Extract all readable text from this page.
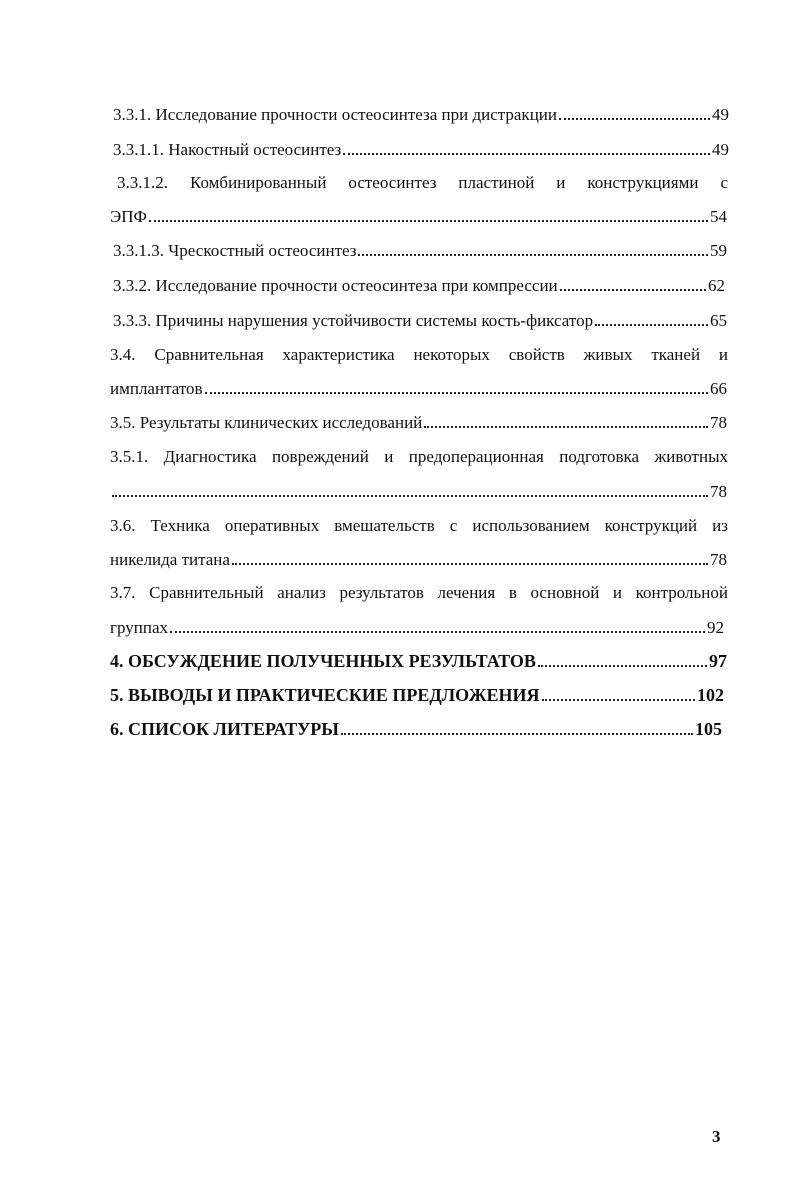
3.3.1. Исследование прочности остеосинтеза при дистракции	49
3.3.1.1. Накостный остеосинтез	49
3.3.1.2. Комбинированный остеосинтез пластиной и конструкциями с
ЭПФ	54
3.3.1.3. Чрескостный остеосинтез	59
3.3.2. Исследование прочности остеосинтеза при компрессии	62
3.3.3. Причины нарушения устойчивости системы кость-фиксатор	65
3.4. Сравнительная характеристика некоторых свойств живых тканей и
имплантатов	66
3.5. Результаты клинических исследований	78
3.5.1. Диагностика повреждений и предоперационная подготовка животных
78
3.6. Техника оперативных вмешательств с использованием конструкций из
никелида титана	78
3.7. Сравнительный анализ результатов лечения в основной и контрольной
группах	92
4. ОБСУЖДЕНИЕ ПОЛУЧЕННЫХ РЕЗУЛЬТАТОВ	97
5. ВЫВОДЫ И ПРАКТИЧЕСКИЕ ПРЕДЛОЖЕНИЯ	102
6. СПИСОК ЛИТЕРАТУРЫ	105
3
